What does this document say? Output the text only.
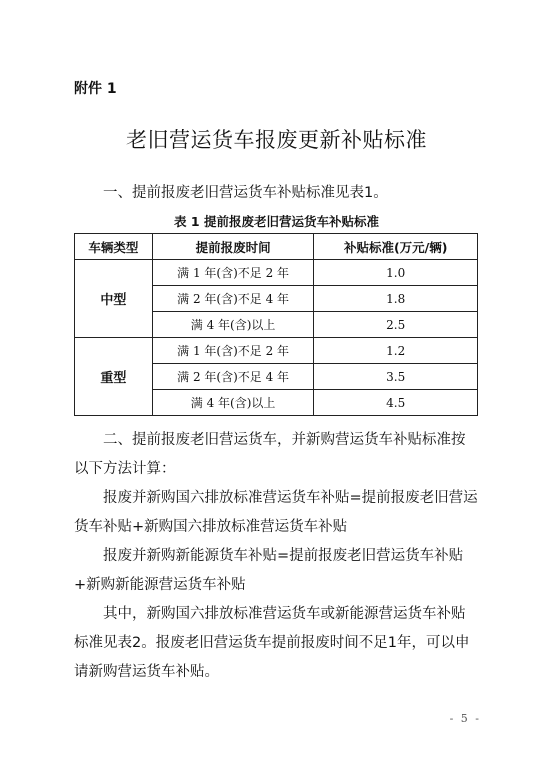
附件 1
老旧营运货车报废更新补贴标准

一、提前报废老旧营运货车补贴标准见表1。

表 1 提前报废老旧营运货车补贴标准
车辆类型	提前报废时间	补贴标准(万元/辆)
中型	满 1 年(含)不足 2 年	1.0
	满 2 年(含)不足 4 年	1.8
	满 4 年(含)以上	2.5
重型	满 1 年(含)不足 2 年	1.2
	满 2 年(含)不足 4 年	3.5
	满 4 年(含)以上	4.5

二、提前报废老旧营运货车，并新购营运货车补贴标准按以下方法计算：

报废并新购国六排放标准营运货车补贴=提前报废老旧营运货车补贴+新购国六排放标准营运货车补贴

报废并新购新能源货车补贴=提前报废老旧营运货车补贴+新购新能源营运货车补贴

其中，新购国六排放标准营运货车或新能源营运货车补贴标准见表2。报废老旧营运货车提前报废时间不足1年，可以申请新购营运货车补贴。

- 5 -
